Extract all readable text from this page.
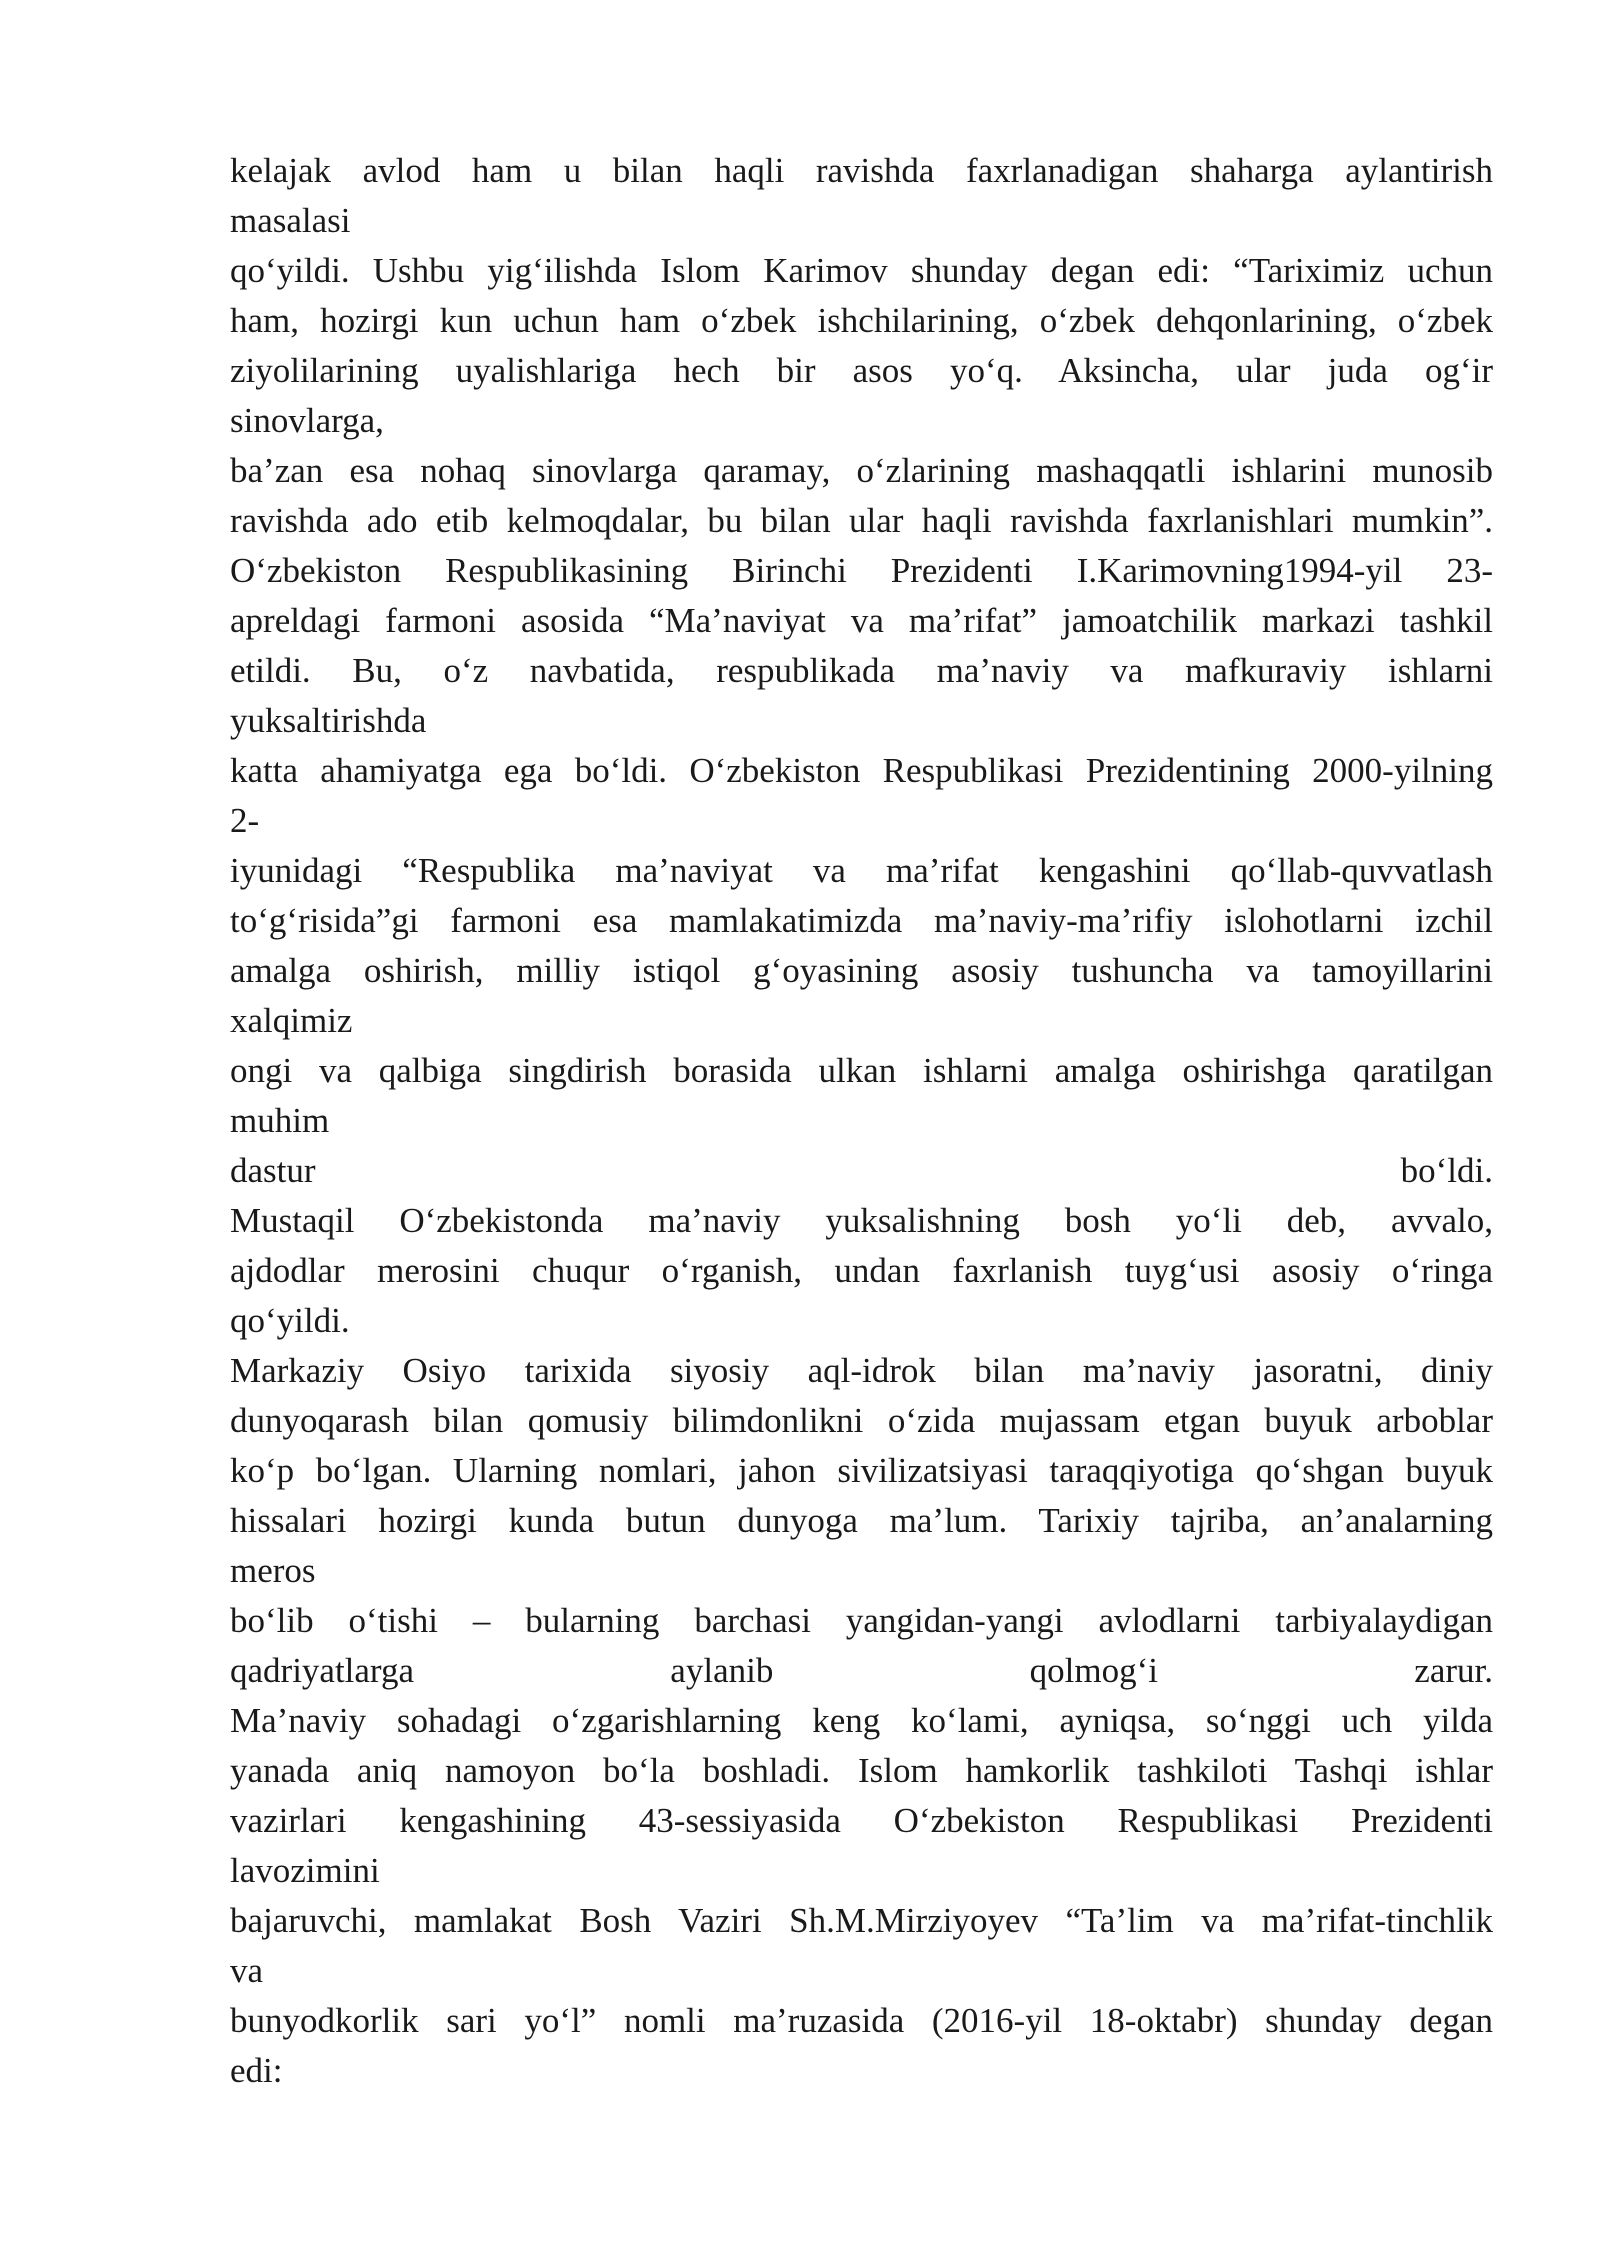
kelajak avlod ham u bilan haqli ravishda faxrlanadigan shaharga aylantirish
masalasi
qo‘yildi. Ushbu yig‘ilishda Islom Karimov shunday degan edi: “Tariximiz uchun
ham, hozirgi kun uchun ham o‘zbek ishchilarining, o‘zbek dehqonlarining, o‘zbek
ziyolilarining uyalishlariga hech bir asos yo‘q. Aksincha, ular juda og‘ir
sinovlarga,
ba’zan esa nohaq sinovlarga qaramay, o‘zlarining mashaqqatli ishlarini munosib
ravishda ado etib kelmoqdalar, bu bilan ular haqli ravishda faxrlanishlari mumkin”.
O‘zbekiston Respublikasining Birinchi Prezidenti I.Karimovning1994-yil 23-
apreldagi farmoni asosida “Ma’naviyat va ma’rifat” jamoatchilik markazi tashkil
etildi. Bu, o‘z navbatida, respublikada ma’naviy va mafkuraviy ishlarni
yuksaltirishda
katta ahamiyatga ega bo‘ldi. O‘zbekiston Respublikasi Prezidentining 2000-yilning
2-
iyunidagi “Respublika ma’naviyat va ma’rifat kengashini qo‘llab-quvvatlash
to‘g‘risida”gi farmoni esa mamlakatimizda ma’naviy-ma’rifiy islohotlarni izchil
amalga oshirish, milliy istiqol g‘oyasining asosiy tushuncha va tamoyillarini
xalqimiz
ongi va qalbiga singdirish borasida ulkan ishlarni amalga oshirishga qaratilgan
muhim
dastur bo‘ldi.
Mustaqil O‘zbekistonda ma’naviy yuksalishning bosh yo‘li deb, avvalo,
ajdodlar merosini chuqur o‘rganish, undan faxrlanish tuyg‘usi asosiy o‘ringa
qo‘yildi.
Markaziy Osiyo tarixida siyosiy aql-idrok bilan ma’naviy jasoratni, diniy
dunyoqarash bilan qomusiy bilimdonlikni o‘zida mujassam etgan buyuk arboblar
ko‘p bo‘lgan. Ularning nomlari, jahon sivilizatsiyasi taraqqiyotiga qo‘shgan buyuk
hissalari hozirgi kunda butun dunyoga ma’lum. Tarixiy tajriba, an’analarning
meros
bo‘lib o‘tishi – bularning barchasi yangidan-yangi avlodlarni tarbiyalaydigan
qadriyatlarga aylanib qolmog‘i zarur.
Ma’naviy sohadagi o‘zgarishlarning keng ko‘lami, ayniqsa, so‘nggi uch yilda
yanada aniq namoyon bo‘la boshladi. Islom hamkorlik tashkiloti Tashqi ishlar
vazirlari kengashining 43-sessiyasida O‘zbekiston Respublikasi Prezidenti
lavozimini
bajaruvchi, mamlakat Bosh Vaziri Sh.M.Mirziyoyev “Ta’lim va ma’rifat-tinchlik
va
bunyodkorlik sari yo‘l” nomli ma’ruzasida (2016-yil 18-oktabr) shunday degan
edi:
